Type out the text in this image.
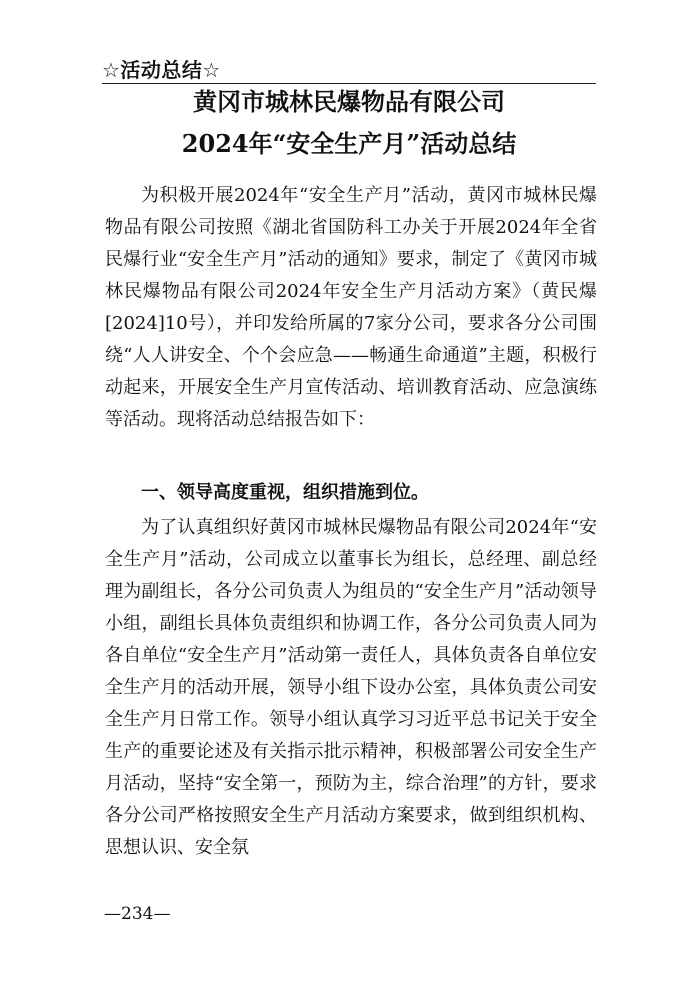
☆活动总结☆
黄冈市城林民爆物品有限公司
2024年“安全生产月”活动总结

为积极开展2024年“安全生产月”活动，黄冈市城林民爆物品有限公司按照《湖北省国防科工办关于开展2024年全省民爆行业“安全生产月”活动的通知》要求，制定了《黄冈市城林民爆物品有限公司2024年安全生产月活动方案》（黄民爆[2024]10号），并印发给所属的7家分公司，要求各分公司围绕“人人讲安全、个个会应急——畅通生命通道”主题，积极行动起来，开展安全生产月宣传活动、培训教育活动、应急演练等活动。现将活动总结报告如下：

一、领导高度重视，组织措施到位。

为了认真组织好黄冈市城林民爆物品有限公司2024年“安全生产月”活动，公司成立以董事长为组长，总经理、副总经理为副组长，各分公司负责人为组员的“安全生产月”活动领导小组，副组长具体负责组织和协调工作，各分公司负责人同为各自单位“安全生产月”活动第一责任人，具体负责各自单位安全生产月的活动开展，领导小组下设办公室，具体负责公司安全生产月日常工作。领导小组认真学习习近平总书记关于安全生产的重要论述及有关指示批示精神，积极部署公司安全生产月活动，坚持“安全第一，预防为主，综合治理”的方针，要求各分公司严格按照安全生产月活动方案要求，做到组织机构、思想认识、安全氛

—234—
